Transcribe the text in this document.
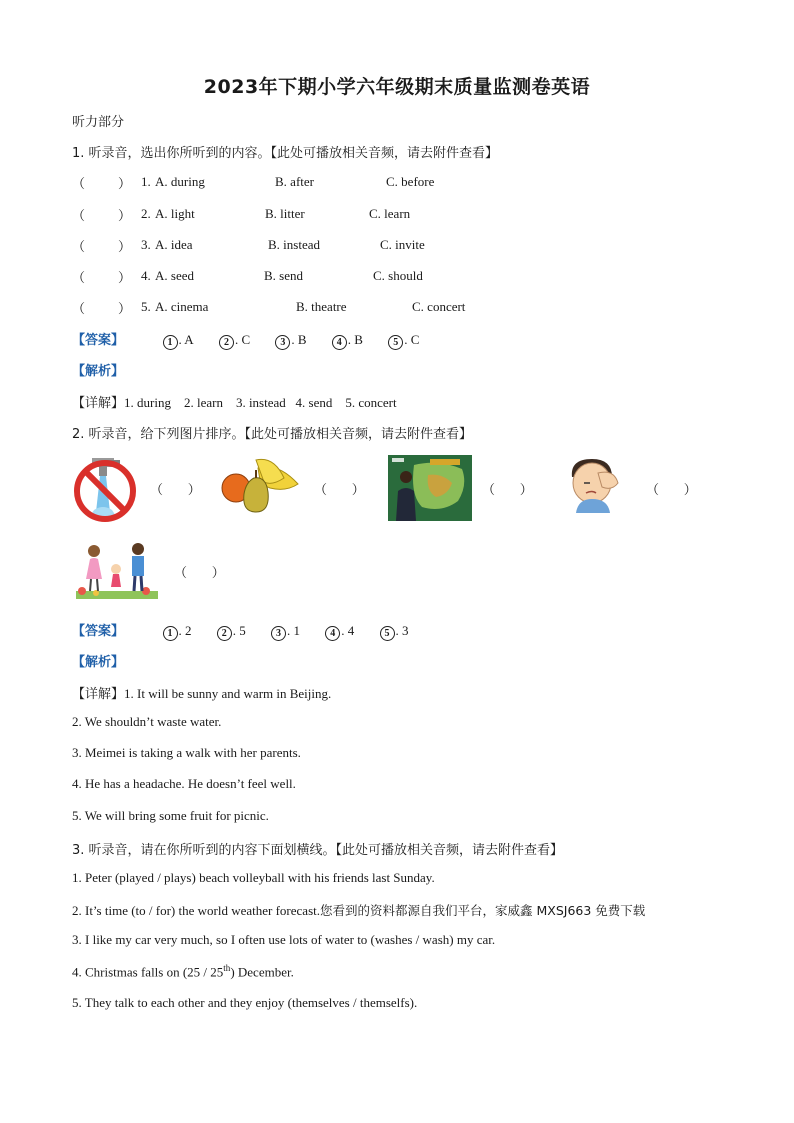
2023年下期小学六年级期末质量监测卷英语
听力部分
1. 听录音，选出你所听到的内容。【此处可播放相关音频，请去附件查看】
（	） 1. A. during	B. after	C. before
（	） 2. A. light	B. litter	C. learn
（	） 3. A. idea	B. instead	C. invite
（	） 4. A. seed	B. send	C. should
（	） 5. A. cinema	B. theatre	C. concert
【答案】	1 . A	2 . C	3 . B	4 . B	5 . C
【解析】
【详解】1. during    2. learn    3. instead   4. send    5. concert
2. 听录音，给下列图片排序。【此处可播放相关音频，请去附件查看】
（      ）	（      ）	（      ）	（      ）
（      ）
【答案】	1 . 2	2 . 5	3 . 1	4 . 4	5 . 3
【解析】
【详解】1. It will be sunny and warm in Beijing.
2. We shouldn’t waste water.
3. Meimei is taking a walk with her parents.
4. He has a headache. He doesn’t feel well.
5. We will bring some fruit for picnic.
3. 听录音，请在你所听到的内容下面划横线。【此处可播放相关音频，请去附件查看】
1. Peter (played / plays) beach volleyball with his friends last Sunday.
2. It’s time (to / for) the world weather forecast.您看到的资料都源自我们平台，家威鑫 MXSJ663 免费下载
3. I like my car very much, so I often use lots of water to (washes / wash) my car.
4. Christmas falls on (25 / 25th) December.
5. They talk to each other and they enjoy (themselves / themselfs).
